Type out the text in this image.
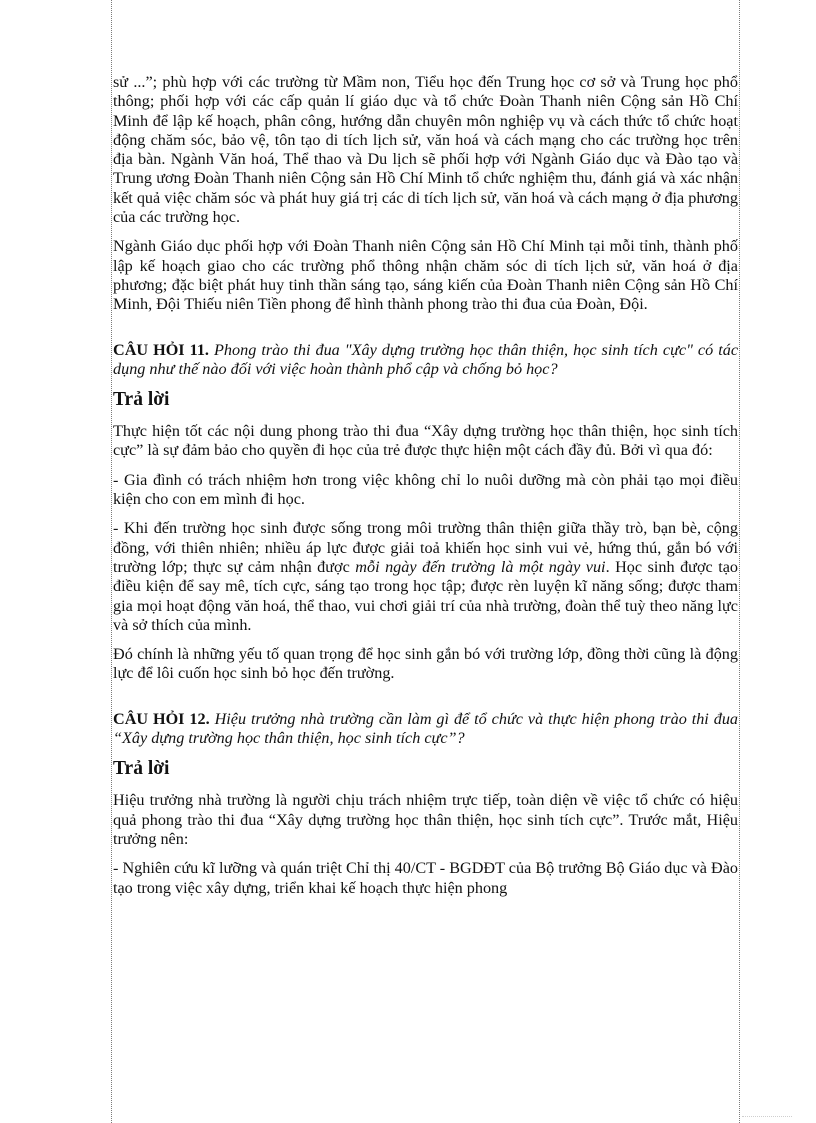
sử ...”; phù hợp với các trường từ Mầm non, Tiểu học đến Trung học cơ sở và Trung học phổ thông; phối hợp với các cấp quản lí giáo dục và tổ chức Đoàn Thanh niên Cộng sản Hồ Chí Minh để lập kế hoạch, phân công, hướng dẫn chuyên môn nghiệp vụ và cách thức tổ chức hoạt động chăm sóc, bảo vệ, tôn tạo di tích lịch sử, văn hoá và cách mạng cho các trường học trên địa bàn. Ngành Văn hoá, Thể thao và Du lịch sẽ phối hợp với Ngành Giáo dục và Đào tạo và Trung ương Đoàn Thanh niên Cộng sản Hồ Chí Minh tổ chức nghiệm thu, đánh giá và xác nhận kết quả việc chăm sóc và phát huy giá trị các di tích lịch sử, văn hoá và cách mạng ở địa phương của các trường học.

Ngành Giáo dục phối hợp với Đoàn Thanh niên Cộng sản Hồ Chí Minh tại mỗi tỉnh, thành phố lập kế hoạch giao cho các trường phổ thông nhận chăm sóc di tích lịch sử, văn hoá ở địa phương; đặc biệt phát huy tinh thần sáng tạo, sáng kiến của Đoàn Thanh niên Cộng sản Hồ Chí Minh, Đội Thiếu niên Tiền phong để hình thành phong trào thi đua của Đoàn, Đội.

CÂU HỎI 11. Phong trào thi đua "Xây dựng trường học thân thiện, học sinh tích cực" có tác dụng như thế nào đối với việc hoàn thành phổ cập và chống bỏ học?

Trả lời

Thực hiện tốt các nội dung phong trào thi đua “Xây dựng trường học thân thiện, học sinh tích cực” là sự đảm bảo cho quyền đi học của trẻ được thực hiện một cách đầy đủ. Bởi vì qua đó:

- Gia đình có trách nhiệm hơn trong việc không chỉ lo nuôi dưỡng mà còn phải tạo mọi điều kiện cho con em mình đi học.

- Khi đến trường học sinh được sống trong môi trường thân thiện giữa thầy trò, bạn bè, cộng đồng, với thiên nhiên; nhiều áp lực được giải toả khiến học sinh vui vẻ, hứng thú, gắn bó với trường lớp; thực sự cảm nhận được mỗi ngày đến trường là một ngày vui. Học sinh được tạo điều kiện để say mê, tích cực, sáng tạo trong học tập; được rèn luyện kĩ năng sống; được tham gia mọi hoạt động văn hoá, thể thao, vui chơi giải trí của nhà trường, đoàn thể tuỳ theo năng lực và sở thích của mình.

Đó chính là những yếu tố quan trọng để học sinh gắn bó với trường lớp, đồng thời cũng là động lực để lôi cuốn học sinh bỏ học đến trường.

CÂU HỎI 12. Hiệu trưởng nhà trường cần làm gì để tổ chức và thực hiện phong trào thi đua “Xây dựng trường học thân thiện, học sinh tích cực”?

Trả lời

Hiệu trưởng nhà trường là người chịu trách nhiệm trực tiếp, toàn diện về việc tổ chức có hiệu quả phong trào thi đua “Xây dựng trường học thân thiện, học sinh tích cực”. Trước mắt, Hiệu trưởng nên:

- Nghiên cứu kĩ lưỡng và quán triệt Chỉ thị 40/CT - BGDĐT của Bộ trưởng Bộ Giáo dục và Đào tạo trong việc xây dựng, triển khai kế hoạch thực hiện phong
